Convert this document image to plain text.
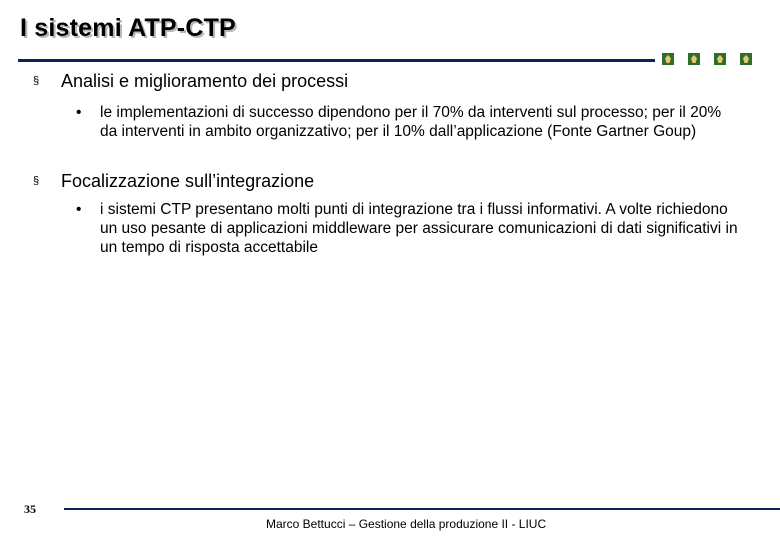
I sistemi ATP-CTP
§	Analisi e miglioramento dei processi
•	le implementazioni di successo dipendono per il 70% da interventi sul processo; per il 20% da interventi in ambito organizzativo; per il 10% dall’applicazione (Fonte Gartner Goup)
§	Focalizzazione sull’integrazione
•	i sistemi CTP presentano molti punti di integrazione tra i flussi informativi. A volte richiedono un uso pesante di applicazioni middleware per assicurare comunicazioni di dati significativi in un tempo di risposta accettabile
35
Marco Bettucci – Gestione della produzione II - LIUC
